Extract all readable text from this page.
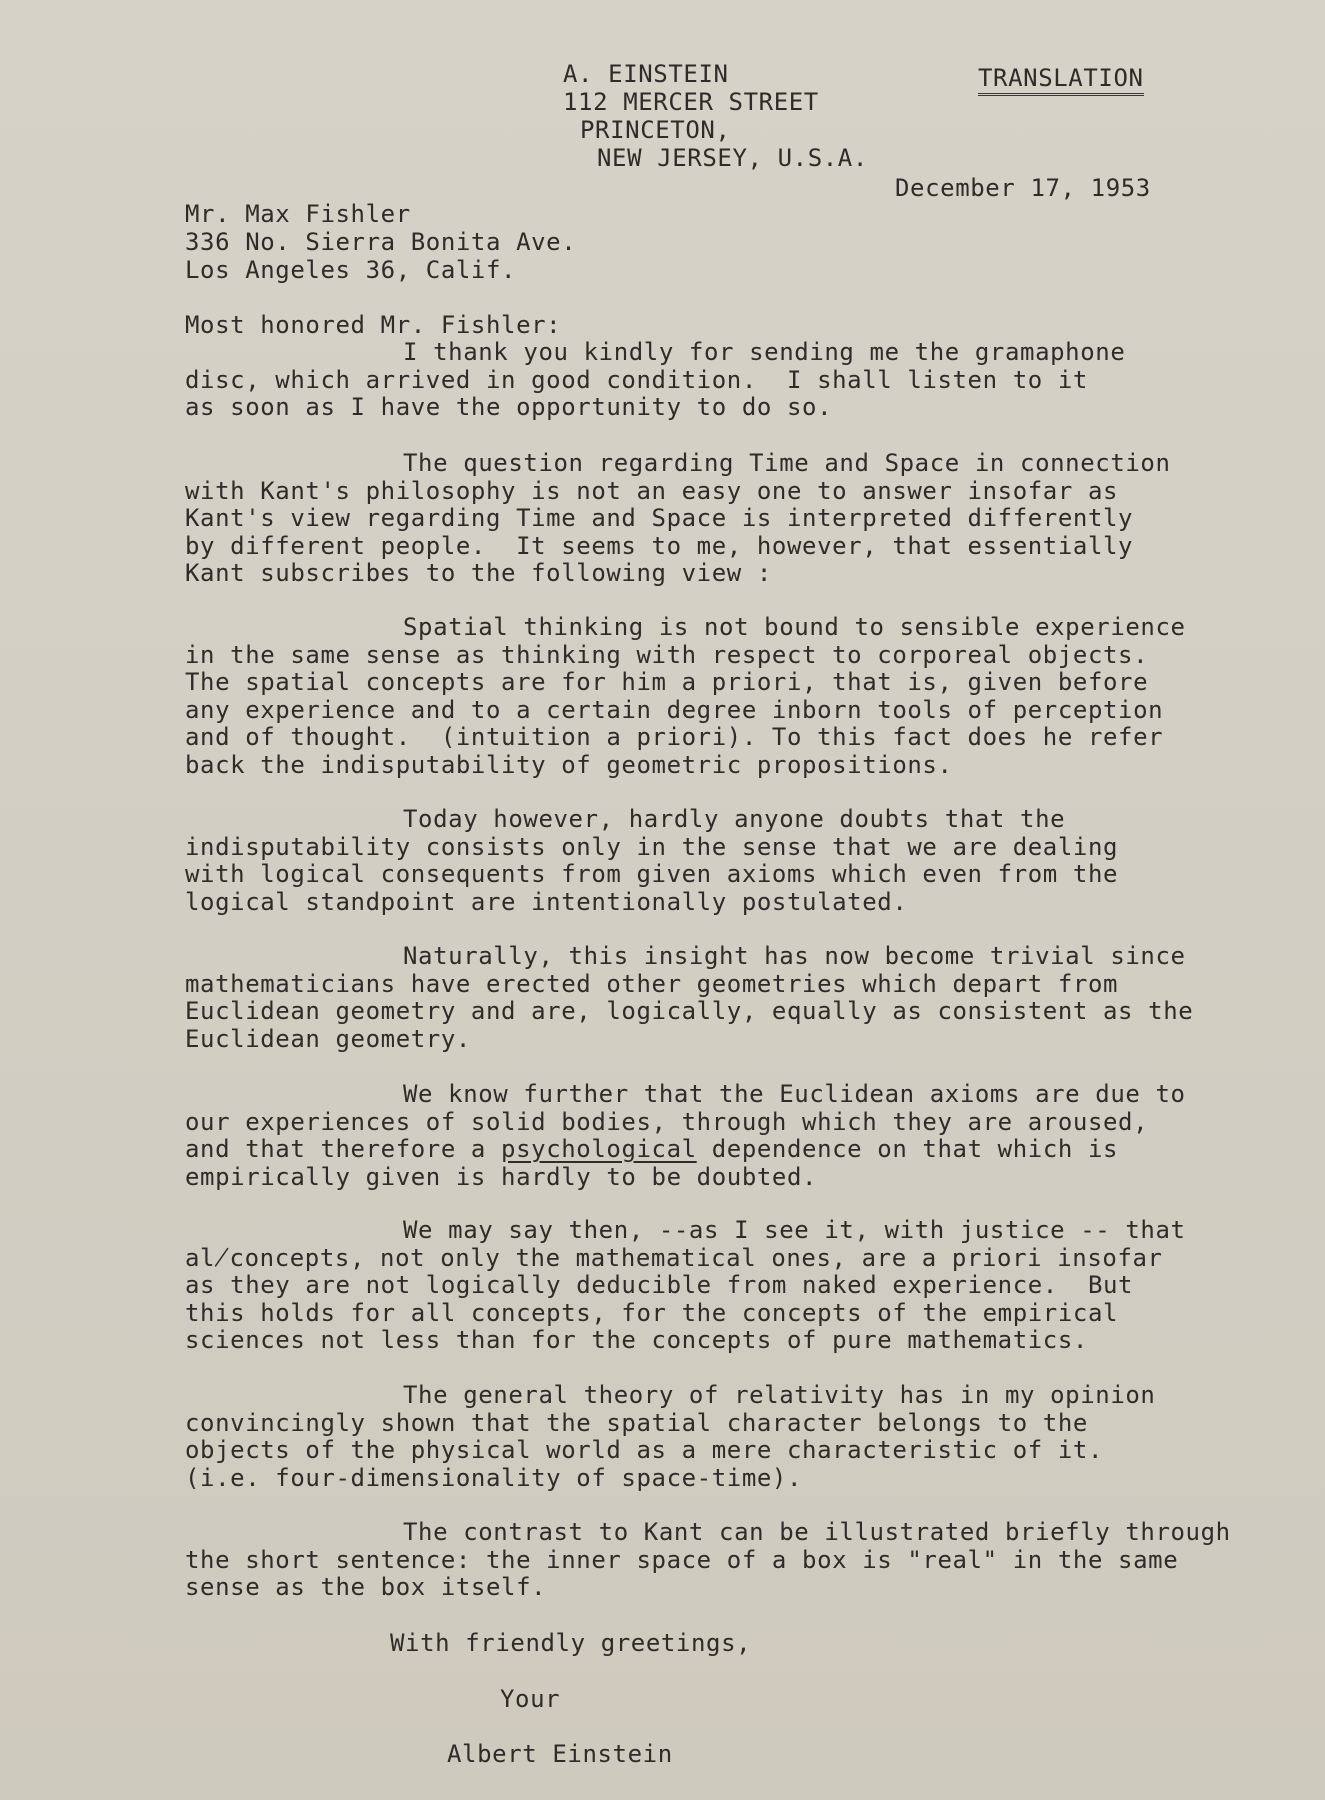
A. EINSTEIN
112 MERCER STREET
PRINCETON,
NEW JERSEY, U.S.A.
TRANSLATION
December 17, 1953
Mr. Max Fishler
336 No. Sierra Bonita Ave.
Los Angeles 36, Calif.
Most honored Mr. Fishler:
I thank you kindly for sending me the gramaphone
disc, which arrived in good condition.  I shall listen to it
as soon as I have the opportunity to do so.
The question regarding Time and Space in connection
with Kant's philosophy is not an easy one to answer insofar as
Kant's view regarding Time and Space is interpreted differently
by different people.  It seems to me, however, that essentially
Kant subscribes to the following view :
Spatial thinking is not bound to sensible experience
in the same sense as thinking with respect to corporeal objects.
The spatial concepts are for him a priori, that is, given before
any experience and to a certain degree inborn tools of perception
and of thought.  (intuition a priori). To this fact does he refer
back the indisputability of geometric propositions.
Today however, hardly anyone doubts that the
indisputability consists only in the sense that we are dealing
with logical consequents from given axioms which even from the
logical standpoint are intentionally postulated.
Naturally, this insight has now become trivial since
mathematicians have erected other geometries which depart from
Euclidean geometry and are, logically, equally as consistent as the
Euclidean geometry.
We know further that the Euclidean axioms are due to
our experiences of solid bodies, through which they are aroused,
and that therefore a psychological dependence on that which is
empirically given is hardly to be doubted.
We may say then, --as I see it, with justice -- that
al̸concepts, not only the mathematical ones, are a priori insofar
as they are not logically deducible from naked experience.  But
this holds for all concepts, for the concepts of the empirical
sciences not less than for the concepts of pure mathematics.
The general theory of relativity has in my opinion
convincingly shown that the spatial character belongs to the
objects of the physical world as a mere characteristic of it.
(i.e. four-dimensionality of space-time).
The contrast to Kant can be illustrated briefly through
the short sentence: the inner space of a box is "real" in the same
sense as the box itself.
With friendly greetings,
Your
Albert Einstein
